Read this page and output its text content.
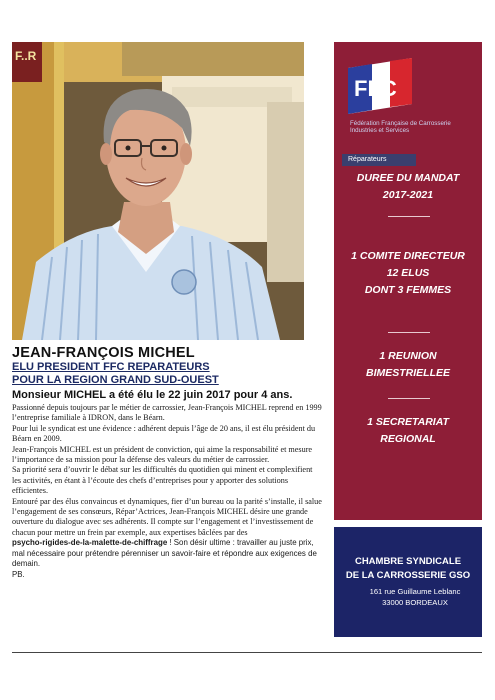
F..R
JEAN-FRANÇOIS MICHEL
ELU PRESIDENT FFC REPARATEURS
POUR LA REGION GRAND SUD-OUEST
Monsieur MICHEL a été élu le 22 juin 2017 pour 4 ans.

Passionné depuis toujours par le métier de carrossier, Jean-François MICHEL reprend en 1999 l’entreprise familiale à IDRON, dans le Béarn.

Pour lui le syndicat est une évidence : adhérent depuis l’âge de 20 ans, il est élu président du Béarn en 2009.

Jean-François MICHEL est un président de conviction, qui aime la responsabilité et mesure l’importance de sa mission pour la défense des valeurs du métier de carrossier.

Sa priorité sera d’ouvrir le débat sur les difficultés du quotidien qui minent et complexifient les activités, en étant à l’écoute des chefs d’entreprises pour y apporter des solutions efficientes.

Entouré par des élus convaincus et dynamiques, fier d’un bureau ou la parité s’installe, il salue l’engagement de ses consœurs, Répar’Actrices, Jean-François MICHEL désire une grande ouverture du dialogue avec ses adhérents. Il compte sur l’engagement et l’investissement de chacun pour mettre un frein par exemple, aux expertises bâclées par des

psycho-rigides-de-la-malette-de-chiffrage ! Son désir ultime : travailler au juste prix, mal nécessaire pour prétendre pérenniser un savoir-faire et répondre aux exigences de demain.

PB.

FFC
Fédération Française de Carrosserie
Industries et Services
Réparateurs
DUREE DU MANDAT
2017-2021
1 COMITE DIRECTEUR
12 ELUS
DONT 3 FEMMES
1 REUNION
BIMESTRIELLEE
1 SECRETARIAT
REGIONAL
CHAMBRE SYNDICALE
DE LA CARROSSERIE GSO
161 rue Guillaume Leblanc
33000 BORDEAUX
